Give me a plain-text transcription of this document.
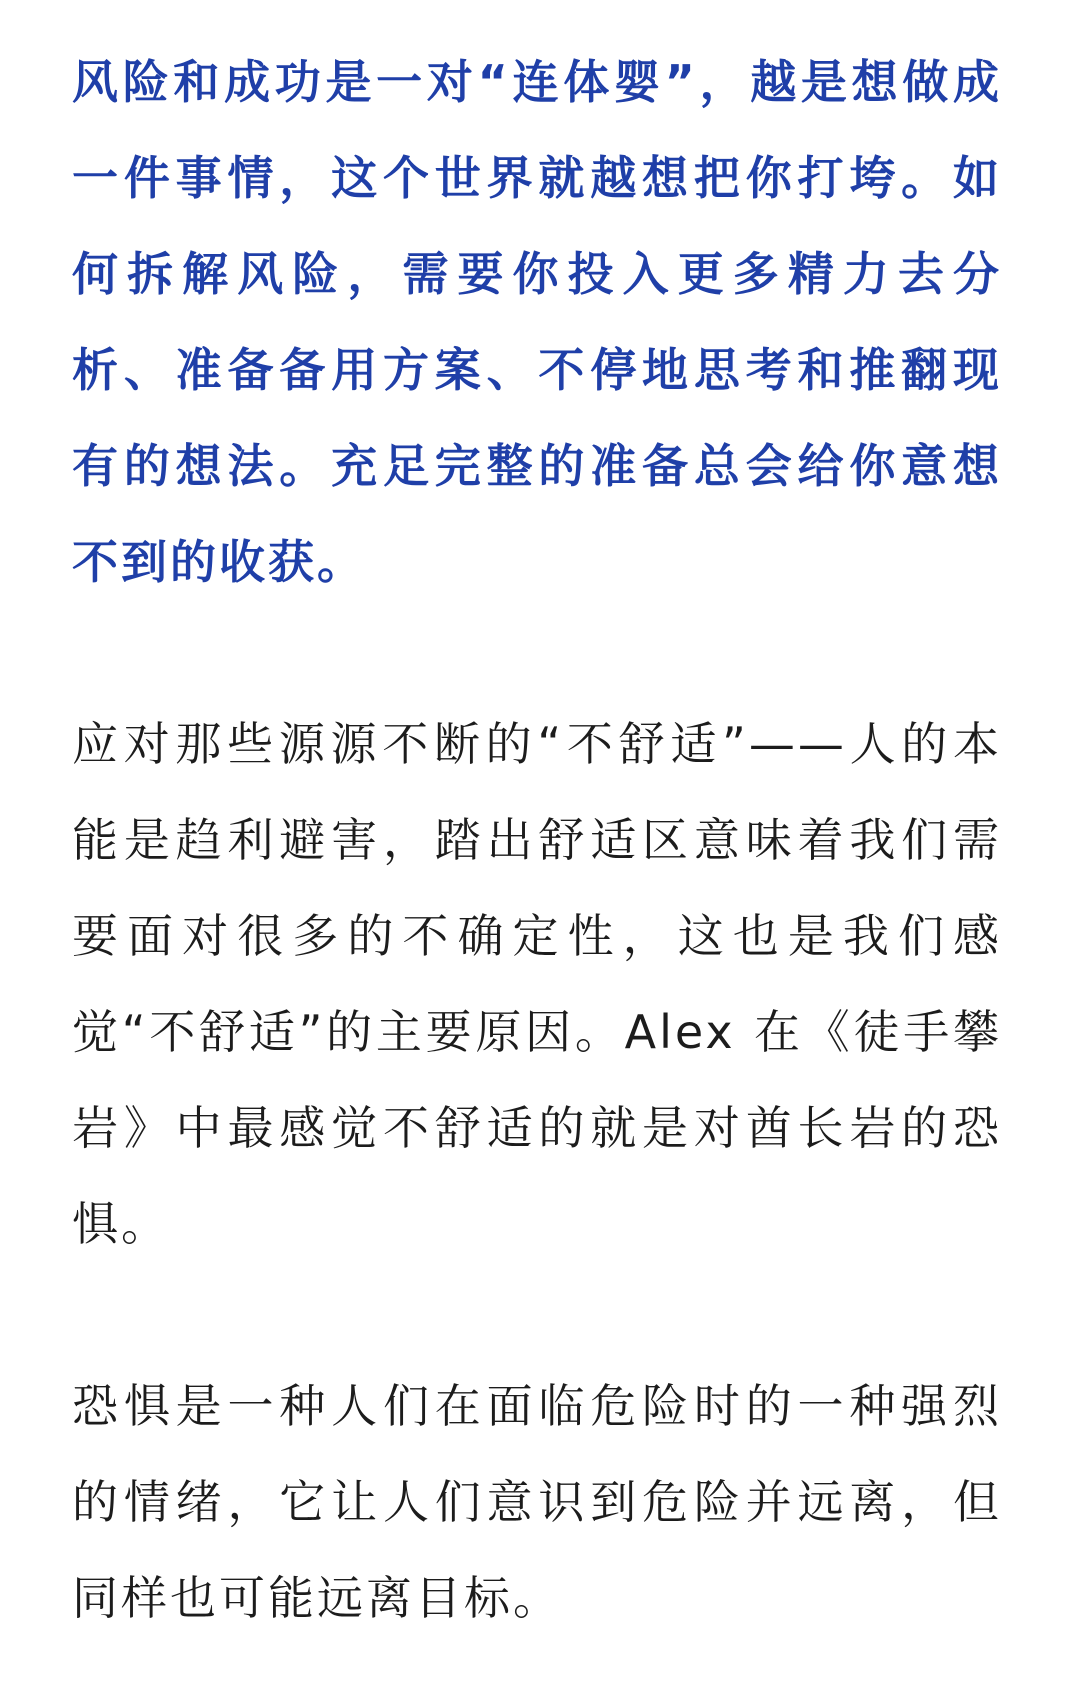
风险和成功是一对“连体婴”，越是想做成一件事情，这个世界就越想把你打垮。如何拆解风险，需要你投入更多精力去分析、准备备用方案、不停地思考和推翻现有的想法。充足完整的准备总会给你意想不到的收获。

应对那些源源不断的“不舒适”——人的本能是趋利避害，踏出舒适区意味着我们需要面对很多的不确定性，这也是我们感觉“不舒适”的主要原因。Alex 在《徒手攀岩》中最感觉不舒适的就是对酋长岩的恐惧。

恐惧是一种人们在面临危险时的一种强烈的情绪，它让人们意识到危险并远离，但同样也可能远离目标。
